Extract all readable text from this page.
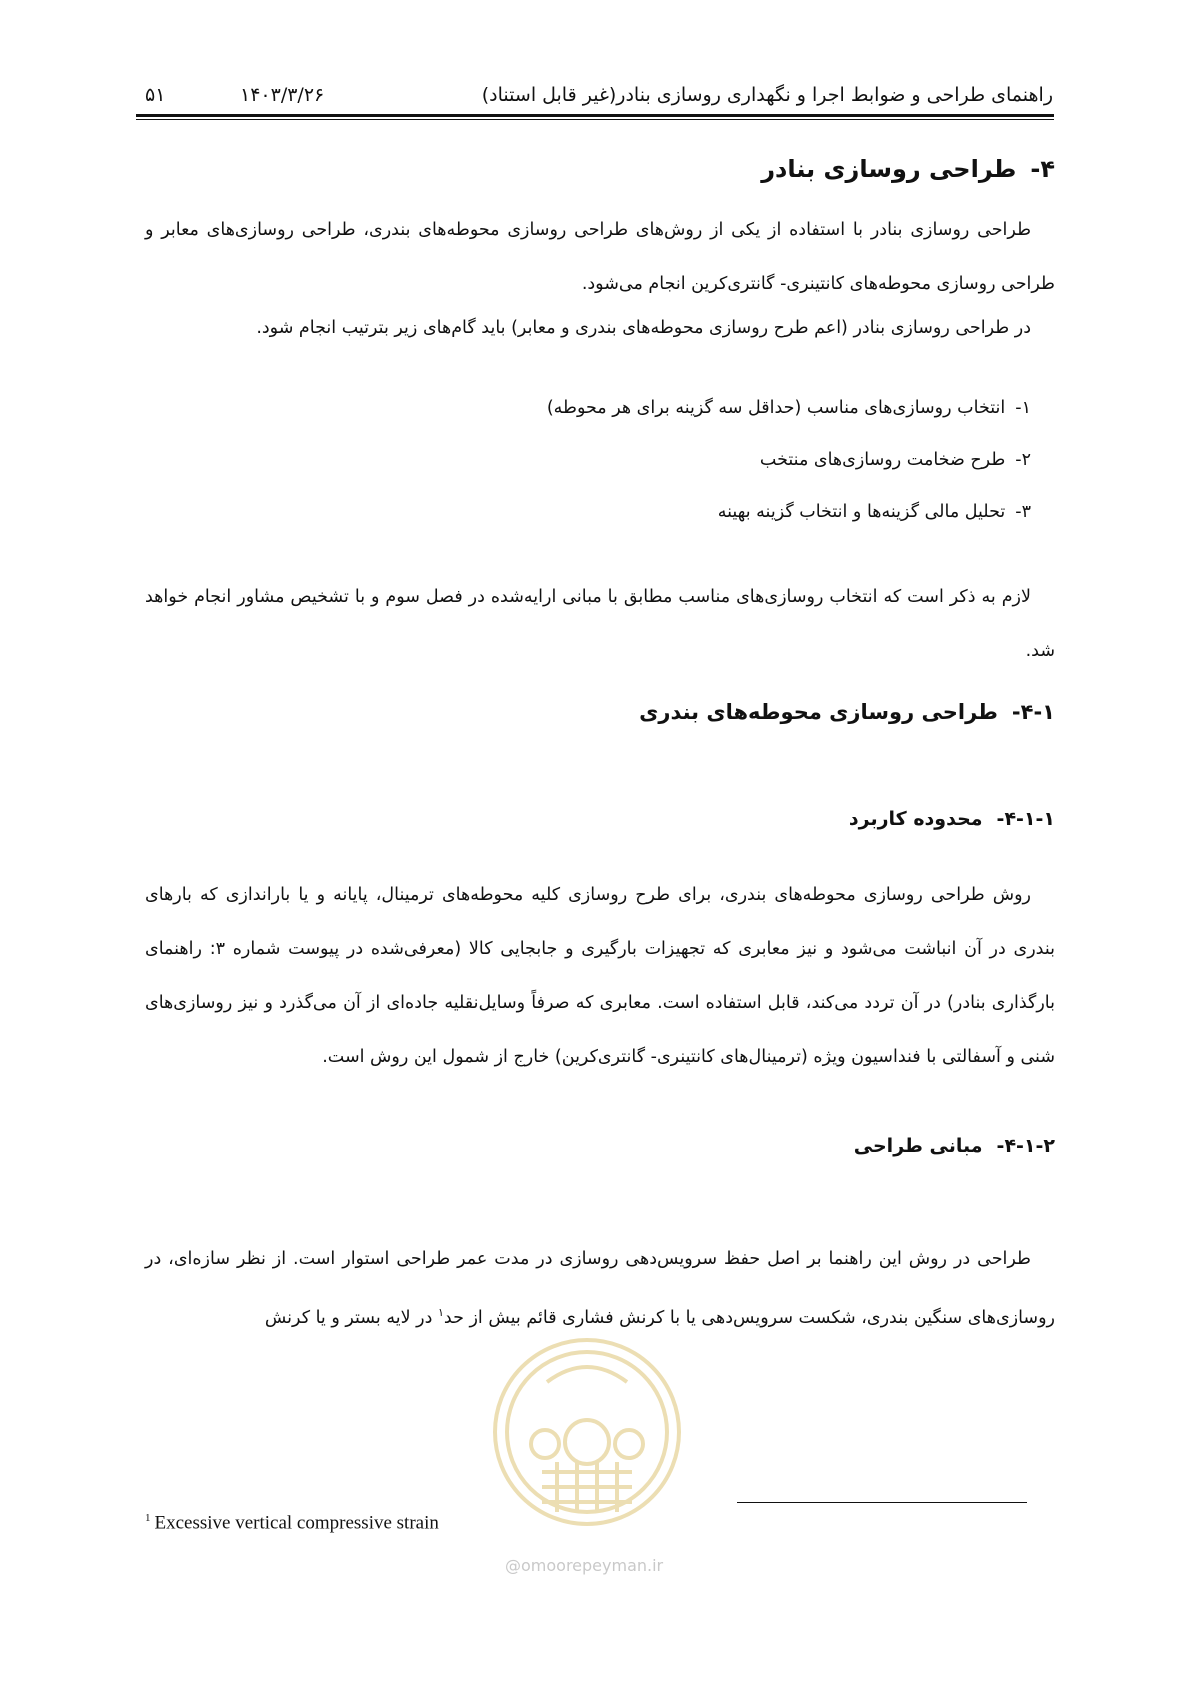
راهنمای طراحی و ضوابط اجرا و نگهداری روسازی بنادر(غیر قابل استناد)
۱۴۰۳/۳/۲۶
۵۱
۴-طراحی روسازی بنادر
طراحی روسازی بنادر با استفاده از یکی از روش‌های طراحی روسازی محوطه‌های بندری، طراحی روسازی‌های معابر و طراحی روسازی محوطه‌های کانتینری- گانتری‌کرین انجام می‌شود.
در طراحی روسازی بنادر (اعم طرح روسازی محوطه‌های بندری و معابر) باید گام‌های زیر بترتیب انجام شود.
۱-انتخاب روسازی‌های مناسب (حداقل سه گزینه برای هر محوطه)
۲-طرح ضخامت روسازی‌های منتخب
۳-تحلیل مالی گزینه‌ها و انتخاب گزینه بهینه
لازم به ذکر است که انتخاب روسازی‌های مناسب مطابق با مبانی ارایه‌شده در فصل سوم و با تشخیص مشاور انجام خواهد شد.
۴-۱-طراحی روسازی محوطه‌های بندری
۴-۱-۱-محدوده کاربرد
روش طراحی روسازی محوطه‌های بندری، برای طرح روسازی کلیه محوطه‌های ترمینال، پایانه و یا باراندازی که بارهای بندری در آن انباشت می‌شود و نیز معابری که تجهیزات بارگیری و جابجایی کالا (معرفی‌شده در پیوست شماره ۳: راهنمای بارگذاری بنادر) در آن تردد می‌کند، قابل استفاده است. معابری که صرفاً وسایل‌نقلیه جاده‌ای از آن می‌گذرد و نیز روسازی‌های شنی و آسفالتی با فنداسیون ویژه (ترمینال‌های کانتینری- گانتری‌کرین) خارج از شمول این روش است.
۴-۱-۲-مبانی طراحی
طراحی در روش این راهنما بر اصل حفظ سرویس‌دهی روسازی در مدت عمر طراحی استوار است. از نظر سازه‌ای، در روسازی‌های سنگین بندری، شکست سرویس‌دهی یا با کرنش فشاری قائم بیش از حد$^۱$ در لایه بستر و یا کرنش
@omoorepeyman.ir
$^1$ Excessive vertical compressive strain
